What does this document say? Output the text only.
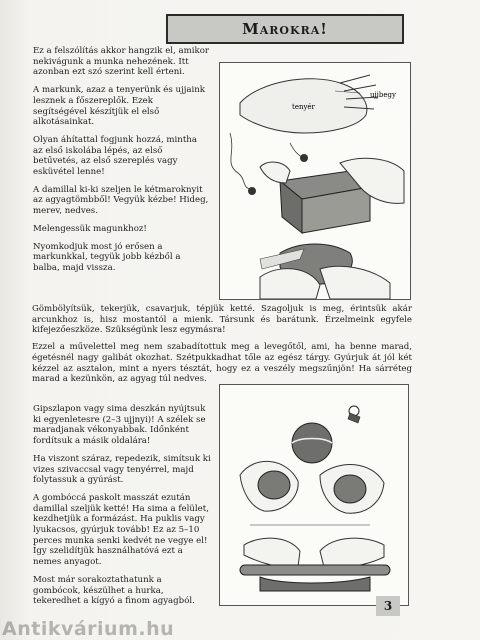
Marokra!

Ez a felszólítás akkor hangzik el, amikor nekivágunk a munka nehezének. Itt azonban ezt szó szerint kell érteni.

A markunk, azaz a tenyerünk és ujjaink lesznek a főszereplők. Ezek segítségével készítjük el első alkotásainkat.

Olyan áhítattal fogjunk hozzá, mintha az első iskolába lépés, az első betűvetés, az első szereplés vagy esküvétel lenne!

A damillal ki-ki szeljen le kétmaroknyit az agyagtömbből! Vegyük kézbe! Hideg, merev, nedves.

Melengessük magunkhoz!

Nyomkodjuk most jó erősen a markunkkal, tegyük jobb kézből a balba, majd vissza.

tenyér
ujjbegy

Gömbölyítsük, tekerjük, csavarjuk, tépjük ketté. Szagoljuk is meg, érintsük akár arcunkhoz is, hisz mostantól a mienk. Társunk és barátunk. Érzelmeink egyfele kifejezőeszköze. Szükségünk lesz egymásra!

Ezzel a művelettel meg nem szabadítottuk meg a levegőtől, ami, ha benne marad, égetésnél nagy galibát okozhat. Szétpukkadhat tőle az egész tárgy. Gyúrjuk át jól két kézzel az asztalon, mint a nyers tésztát, hogy ez a veszély megszűnjön! Ha sárréteg marad a kezünkön, az agyag túl nedves.

Gipszlapon vagy sima deszkán nyújtsuk ki egyenletesre (2–3 ujjnyi)! A szélek se maradjanak vékonyabbak. Időnként fordítsuk a másik oldalára!

Ha viszont száraz, repedezik, simítsuk ki vizes szivaccsal vagy tenyérrel, majd folytassuk a gyúrást.

A gombóccá paskolt masszát ezután damillal szeljük ketté! Ha sima a felület, kezdhetjük a formázást. Ha puklis vagy lyukacsos, gyúrjuk tovább! Ez az 5–10 perces munka senki kedvét ne vegye el! Így szelidítjük használhatóvá ezt a nemes anyagot.

Most már sorakoztathatunk a gombócok, készülhet a hurka, tekeredhet a kígyó a finom agyagból.	3
Antikvárium.hu
